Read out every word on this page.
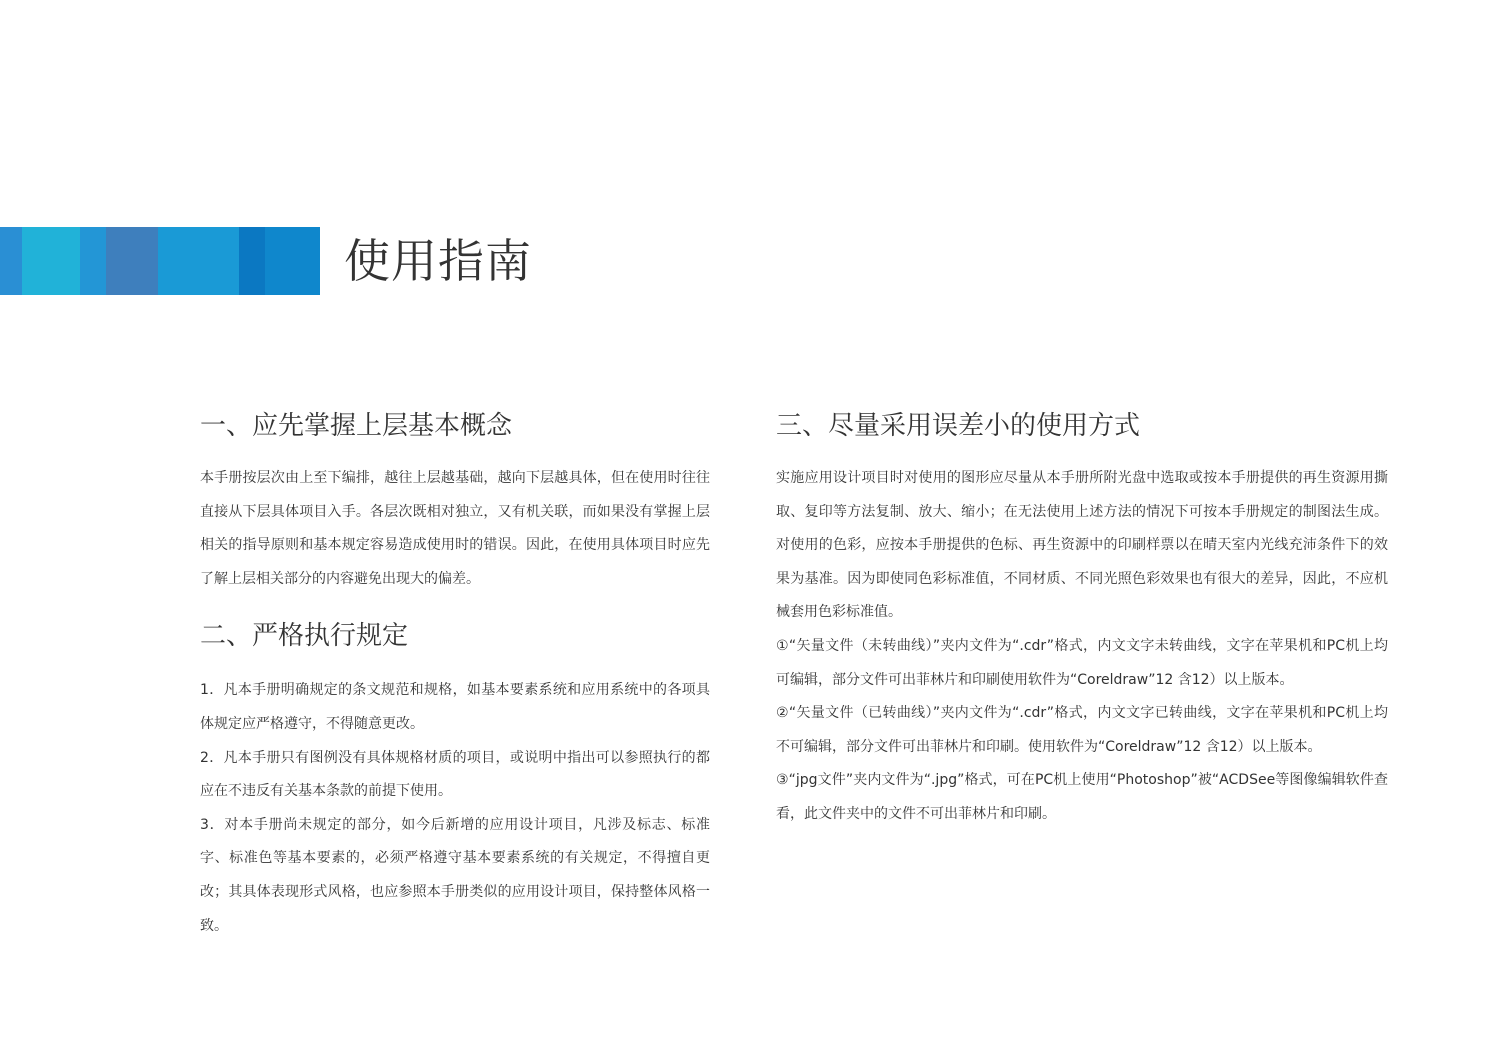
使用指南
一、应先掌握上层基本概念

本手册按层次由上至下编排，越往上层越基础，越向下层越具体，但在使用时往往直接从下层具体项目入手。各层次既相对独立，又有机关联，而如果没有掌握上层相关的指导原则和基本规定容易造成使用时的错误。因此，在使用具体项目时应先了解上层相关部分的内容避免出现大的偏差。

二、严格执行规定

1．凡本手册明确规定的条文规范和规格，如基本要素系统和应用系统中的各项具体规定应严格遵守，不得随意更改。

2．凡本手册只有图例没有具体规格材质的项目，或说明中指出可以参照执行的都应在不违反有关基本条款的前提下使用。

3．对本手册尚未规定的部分，如今后新增的应用设计项目，凡涉及标志、标准字、标准色等基本要素的，必须严格遵守基本要素系统的有关规定，不得擅自更改；其具体表现形式风格，也应参照本手册类似的应用设计项目，保持整体风格一致。

三、尽量采用误差小的使用方式

实施应用设计项目时对使用的图形应尽量从本手册所附光盘中选取或按本手册提供的再生资源用撕取、复印等方法复制、放大、缩小；在无法使用上述方法的情况下可按本手册规定的制图法生成。对使用的色彩，应按本手册提供的色标、再生资源中的印刷样票以在晴天室内光线充沛条件下的效果为基准。因为即使同色彩标准值，不同材质、不同光照色彩效果也有很大的差异，因此，不应机械套用色彩标准值。

①“矢量文件（未转曲线）”夹内文件为“.cdr”格式，内文文字未转曲线，文字在苹果机和PC机上均可编辑，部分文件可出菲林片和印刷使用软件为“Coreldraw”12 含12）以上版本。

②“矢量文件（已转曲线）”夹内文件为“.cdr”格式，内文文字已转曲线，文字在苹果机和PC机上均不可编辑，部分文件可出菲林片和印刷。使用软件为“Coreldraw”12 含12）以上版本。

③“jpg文件”夹内文件为“.jpg”格式，可在PC机上使用“Photoshop”被“ACDSee等图像编辑软件查看，此文件夹中的文件不可出菲林片和印刷。
